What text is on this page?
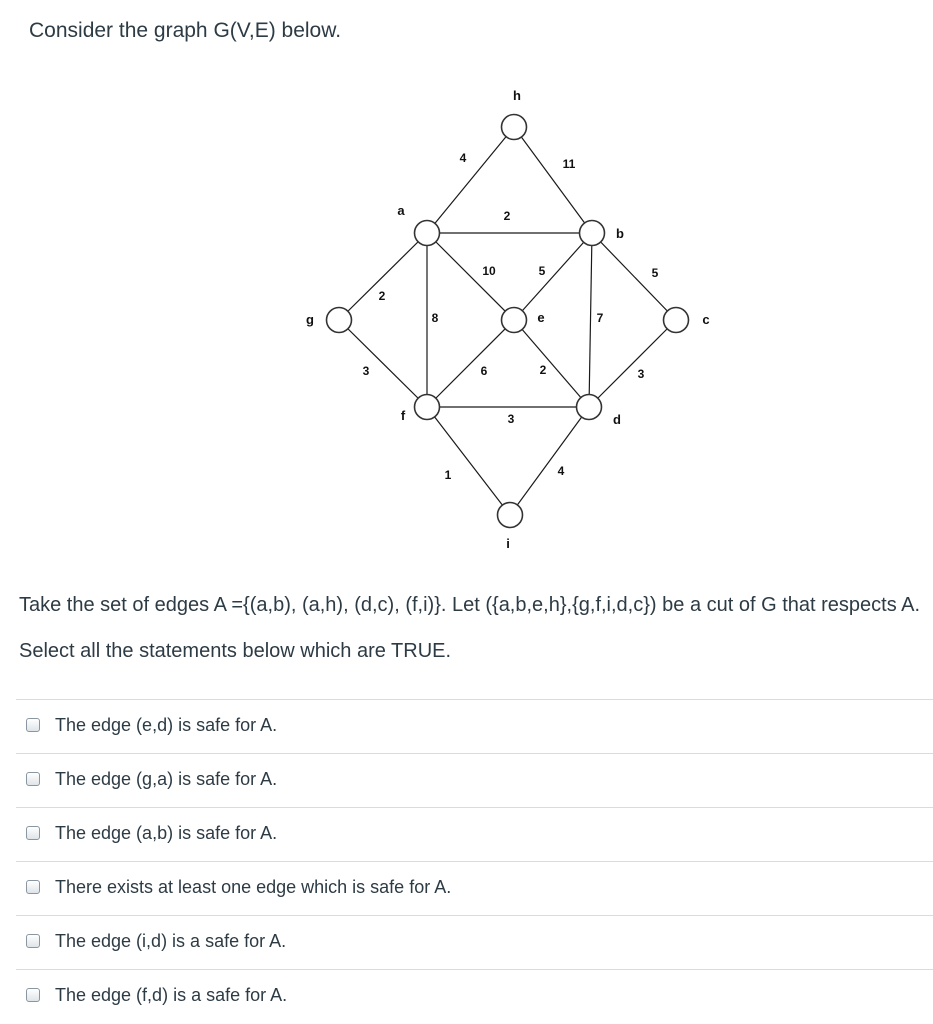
Consider the graph G(V,E) below.
4	11
2
2
8
10	5	5
7
3	6	2
3
3
1	4
h
a
b
g	e	c
f	d
i

Take the set of edges A ={(a,b), (a,h), (d,c), (f,i)}. Let ({a,b,e,h},{g,f,i,d,c}) be a cut of G that respects A.

Select all the statements below which are TRUE.

The edge (e,d) is safe for A.
The edge (g,a) is safe for A.
The edge (a,b) is safe for A.
There exists at least one edge which is safe for A.
The edge (i,d) is a safe for A.
The edge (f,d) is a safe for A.
